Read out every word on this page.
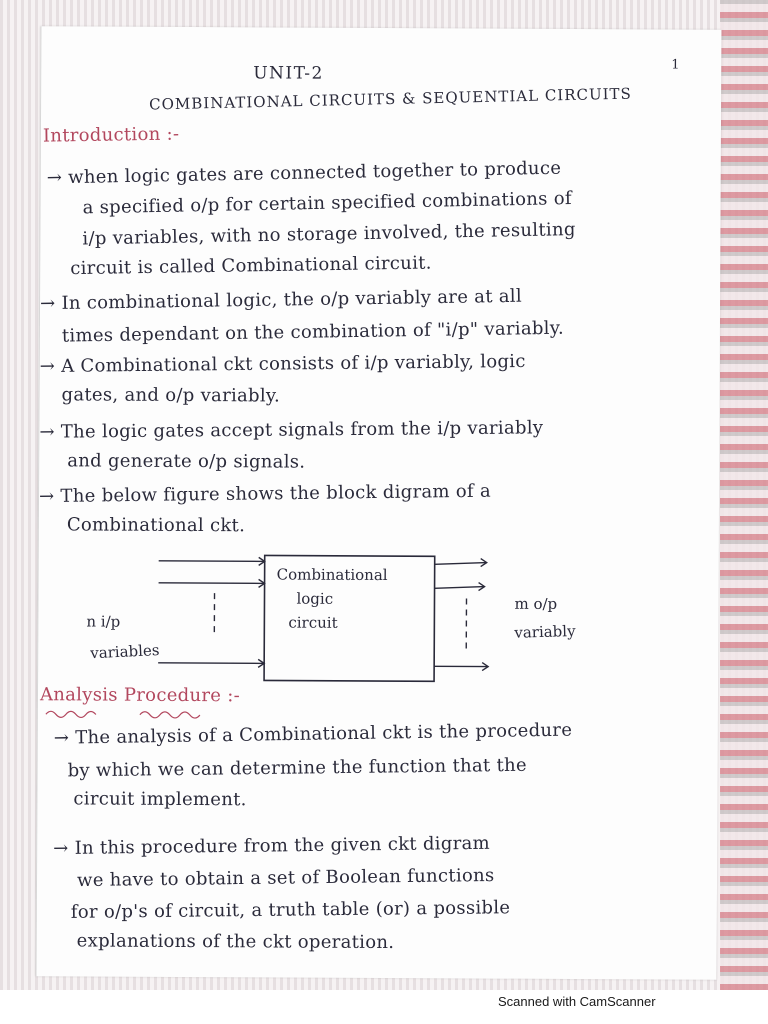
UNIT-2	1
COMBINATIONAL CIRCUITS & SEQUENTIAL CIRCUITS
Introduction :-
→ when logic gates are connected together to produce
a specified o/p for certain specified combinations of
i/p variables, with no storage involved, the resulting
circuit is called Combinational circuit.
→ In combinational logic, the o/p variably are at all
times dependant on the combination of "i/p" variably.
→ A Combinational ckt consists of i/p variably, logic
gates, and o/p variably.
→ The logic gates accept signals from the i/p variably
and generate o/p signals.
→ The below figure shows the block digram of a
Combinational ckt.
Combinational
logic
circuit
n i/p
variables
m o/p
variably
Analysis Procedure :-
→ The analysis of a Combinational ckt is the procedure
by which we can determine the function that the
circuit implement.
→ In this procedure from the given ckt digram
we have to obtain a set of Boolean functions
for o/p's of circuit, a truth table (or) a possible
explanations of the ckt operation.
Scanned with CamScanner
